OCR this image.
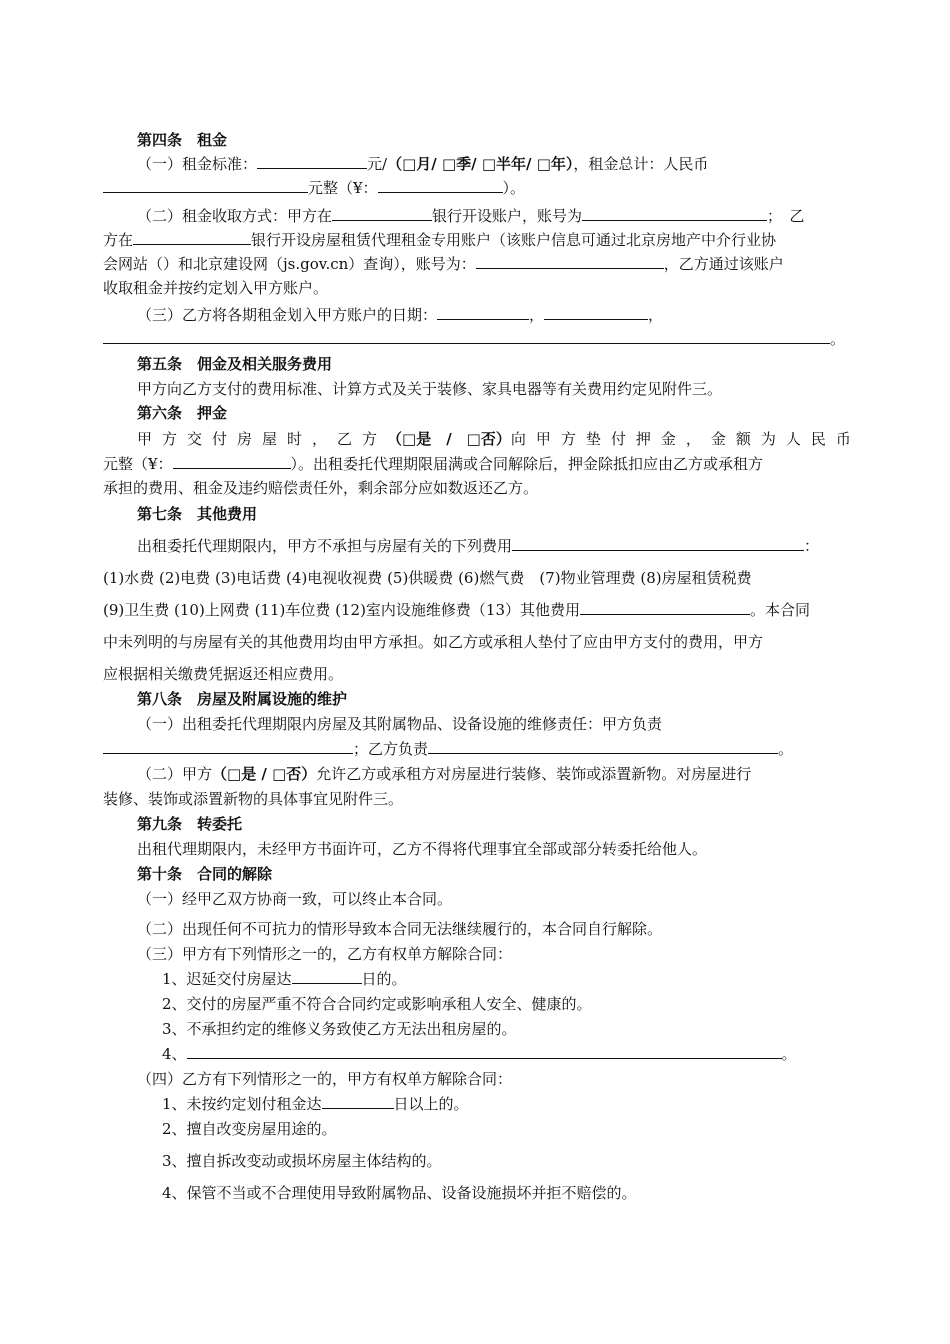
第四条　租金
（一）租金标准：	元/（□月/ □季/ □半年/ □年），租金总计：人民币
元整（¥：	）。
（二）租金收取方式：甲方在	银行开设账户，账号为	；　乙
方在	银行开设房屋租赁代理租金专用账户（该账户信息可通过北京房地产中介行业协
会网站（）和北京建设网（js.gov.cn）查询），账号为：	，乙方通过该账户
收取租金并按约定划入甲方账户。
（三）乙方将各期租金划入甲方账户的日期：	，	，
。
第五条　佣金及相关服务费用
甲方向乙方支付的费用标准、计算方式及关于装修、家具电器等有关费用约定见附件三。
第六条　押金
甲方交付房屋时，乙方（□是　/　□否）向甲方垫付押金，金额为人民币
元整（¥：	）。出租委托代理期限届满或合同解除后，押金除抵扣应由乙方或承租方
承担的费用、租金及违约赔偿责任外，剩余部分应如数返还乙方。
第七条　其他费用
出租委托代理期限内，甲方不承担与房屋有关的下列费用	：
(1)水费 (2)电费 (3)电话费 (4)电视收视费 (5)供暖费 (6)燃气费　(7)物业管理费 (8)房屋租赁税费
(9)卫生费 (10)上网费 (11)车位费 (12)室内设施维修费（13）其他费用	。本合同
中未列明的与房屋有关的其他费用均由甲方承担。如乙方或承租人垫付了应由甲方支付的费用，甲方
应根据相关缴费凭据返还相应费用。
第八条　房屋及附属设施的维护
（一）出租委托代理期限内房屋及其附属物品、设备设施的维修责任：甲方负责
；乙方负责	。
（二）甲方（□是 / □否）允许乙方或承租方对房屋进行装修、装饰或添置新物。对房屋进行
装修、装饰或添置新物的具体事宜见附件三。
第九条　转委托
出租代理期限内，未经甲方书面许可，乙方不得将代理事宜全部或部分转委托给他人。
第十条　合同的解除
（一）经甲乙双方协商一致，可以终止本合同。
（二）出现任何不可抗力的情形导致本合同无法继续履行的，本合同自行解除。
（三）甲方有下列情形之一的，乙方有权单方解除合同：
1、迟延交付房屋达	日的。
2、交付的房屋严重不符合合同约定或影响承租人安全、健康的。
3、不承担约定的维修义务致使乙方无法出租房屋的。
4、	。
（四）乙方有下列情形之一的，甲方有权单方解除合同：
1、未按约定划付租金达	日以上的。
2、擅自改变房屋用途的。
3、擅自拆改变动或损坏房屋主体结构的。
4、保管不当或不合理使用导致附属物品、设备设施损坏并拒不赔偿的。
